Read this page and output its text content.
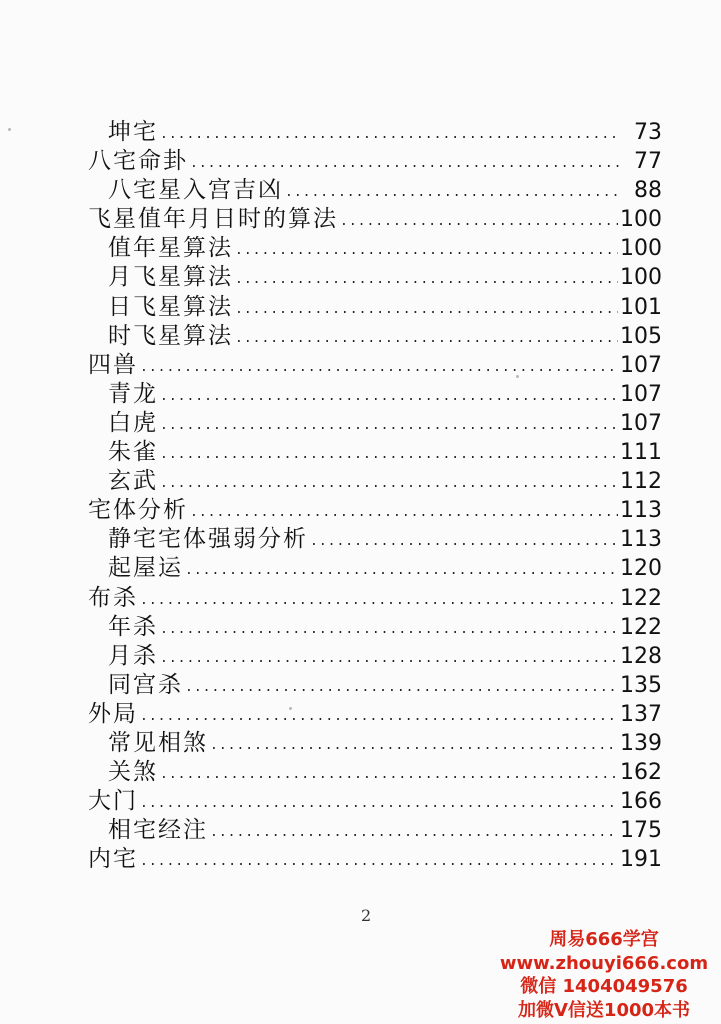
坤宅 .....	73
八宅命卦 .....	77
八宅星入宫吉凶 .....	88
飞星值年月日时的算法 .....	100
值年星算法 .....	100
月飞星算法 .....	100
日飞星算法 .....	101
时飞星算法 .....	105
四兽 .....	107
青龙 .....	107
白虎 .....	107
朱雀 .....	111
玄武 .....	112
宅体分析 .....	113
静宅宅体强弱分析 .....	113
起屋运 .....	120
布杀 .....	122
年杀 .....	122
月杀 .....	128
同宫杀 .....	135
外局 .....	137
常见相煞 .....	139
关煞 .....	162
大门 .....	166
相宅经注 .....	175
内宅 .....	191
2
周易666学宫
www.zhouyi666.com
微信 1404049576
加微V信送1000本书
